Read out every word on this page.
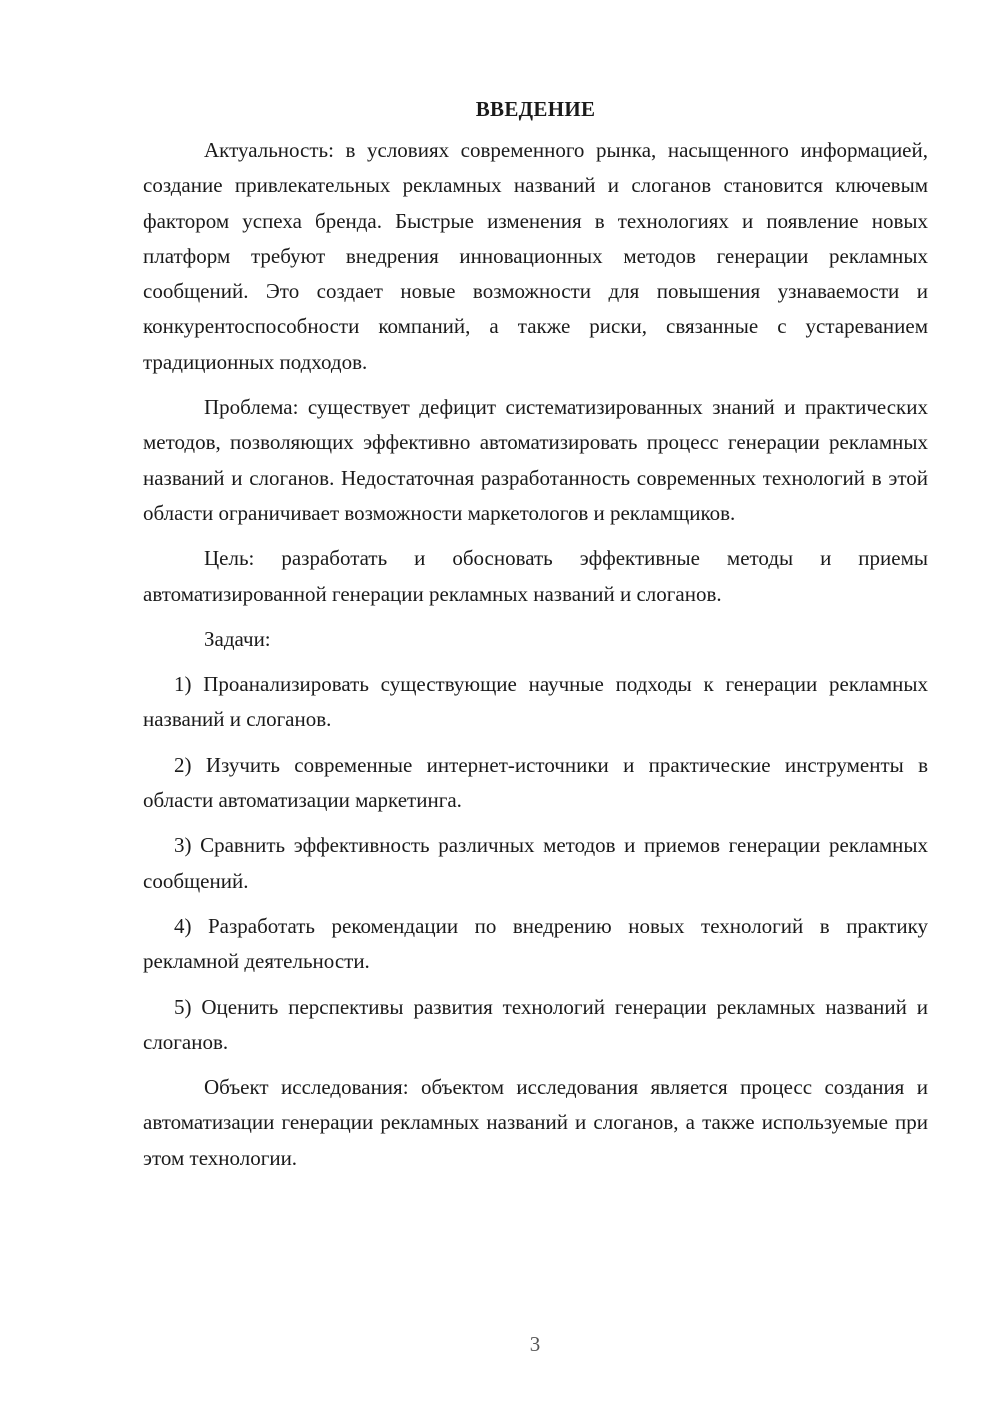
ВВЕДЕНИЕ

Актуальность: в условиях современного рынка, насыщенного информацией, создание привлекательных рекламных названий и слоганов становится ключевым фактором успеха бренда. Быстрые изменения в технологиях и появление новых платформ требуют внедрения инновационных методов генерации рекламных сообщений. Это создает новые возможности для повышения узнаваемости и конкурентоспособности компаний, а также риски, связанные с устареванием традиционных подходов.

Проблема: существует дефицит систематизированных знаний и практических методов, позволяющих эффективно автоматизировать процесс генерации рекламных названий и слоганов. Недостаточная разработанность современных технологий в этой области ограничивает возможности маркетологов и рекламщиков.

Цель: разработать и обосновать эффективные методы и приемы автоматизированной генерации рекламных названий и слоганов.

Задачи:

1) Проанализировать существующие научные подходы к генерации рекламных названий и слоганов.

2) Изучить современные интернет-источники и практические инструменты в области автоматизации маркетинга.

3) Сравнить эффективность различных методов и приемов генерации рекламных сообщений.

4) Разработать рекомендации по внедрению новых технологий в практику рекламной деятельности.

5) Оценить перспективы развития технологий генерации рекламных названий и слоганов.

Объект исследования: объектом исследования является процесс создания и автоматизации генерации рекламных названий и слоганов, а также используемые при этом технологии.

3
